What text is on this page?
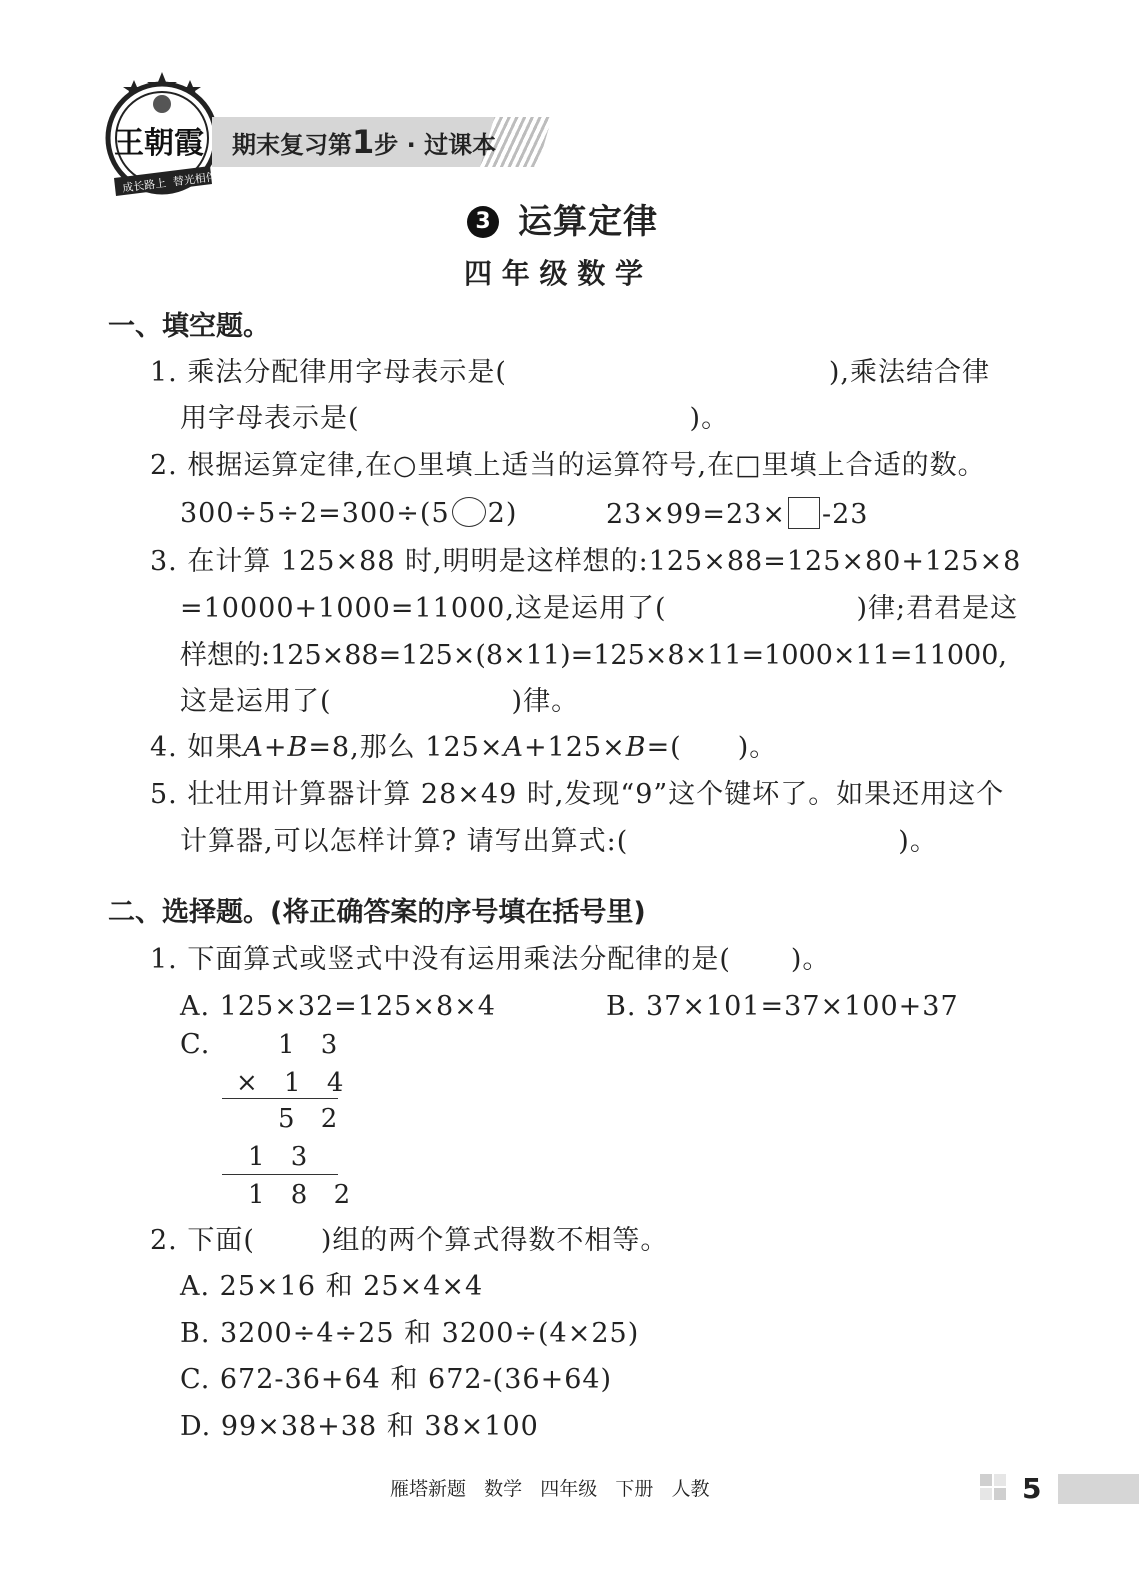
王朝霞
成长路上  替光相伴
期末复习第1步 · 过课本
3 运算定律
四 年 级 数 学
一、填空题。
1. 乘法分配律用字母表示是(	),乘法结合律
用字母表示是(	)。
2. 根据运算定律,在○里填上适当的运算符号,在□里填上合适的数。
300÷5÷2=300÷(5 2)	23×99=23× -23
3. 在计算 125×88 时,明明是这样想的:125×88=125×80+125×8
=10000+1000=11000,这是运用了(	)律;君君是这
样想的:125×88=125×(8×11)=125×8×11=1000×11=11000,
这是运用了(	)律。
4. 如果A+B=8,那么 125×A+125×B=( )。
5. 壮壮用计算器计算 28×49 时,发现“9”这个键坏了。如果还用这个
计算器,可以怎样计算? 请写出算式:(	)。
二、选择题。(将正确答案的序号填在括号里)
1. 下面算式或竖式中没有运用乘法分配律的是( )。
A. 125×32=125×8×4	B. 37×101=37×100+37
C.	1 3
× 1 4
5 2
1 3
1 8 2
2. 下面( )组的两个算式得数不相等。
A. 25×16 和 25×4×4
B. 3200÷4÷25 和 3200÷(4×25)
C. 672-36+64 和 672-(36+64)
D. 99×38+38 和 38×100
雁塔新题   数学   四年级   下册   人教	5
